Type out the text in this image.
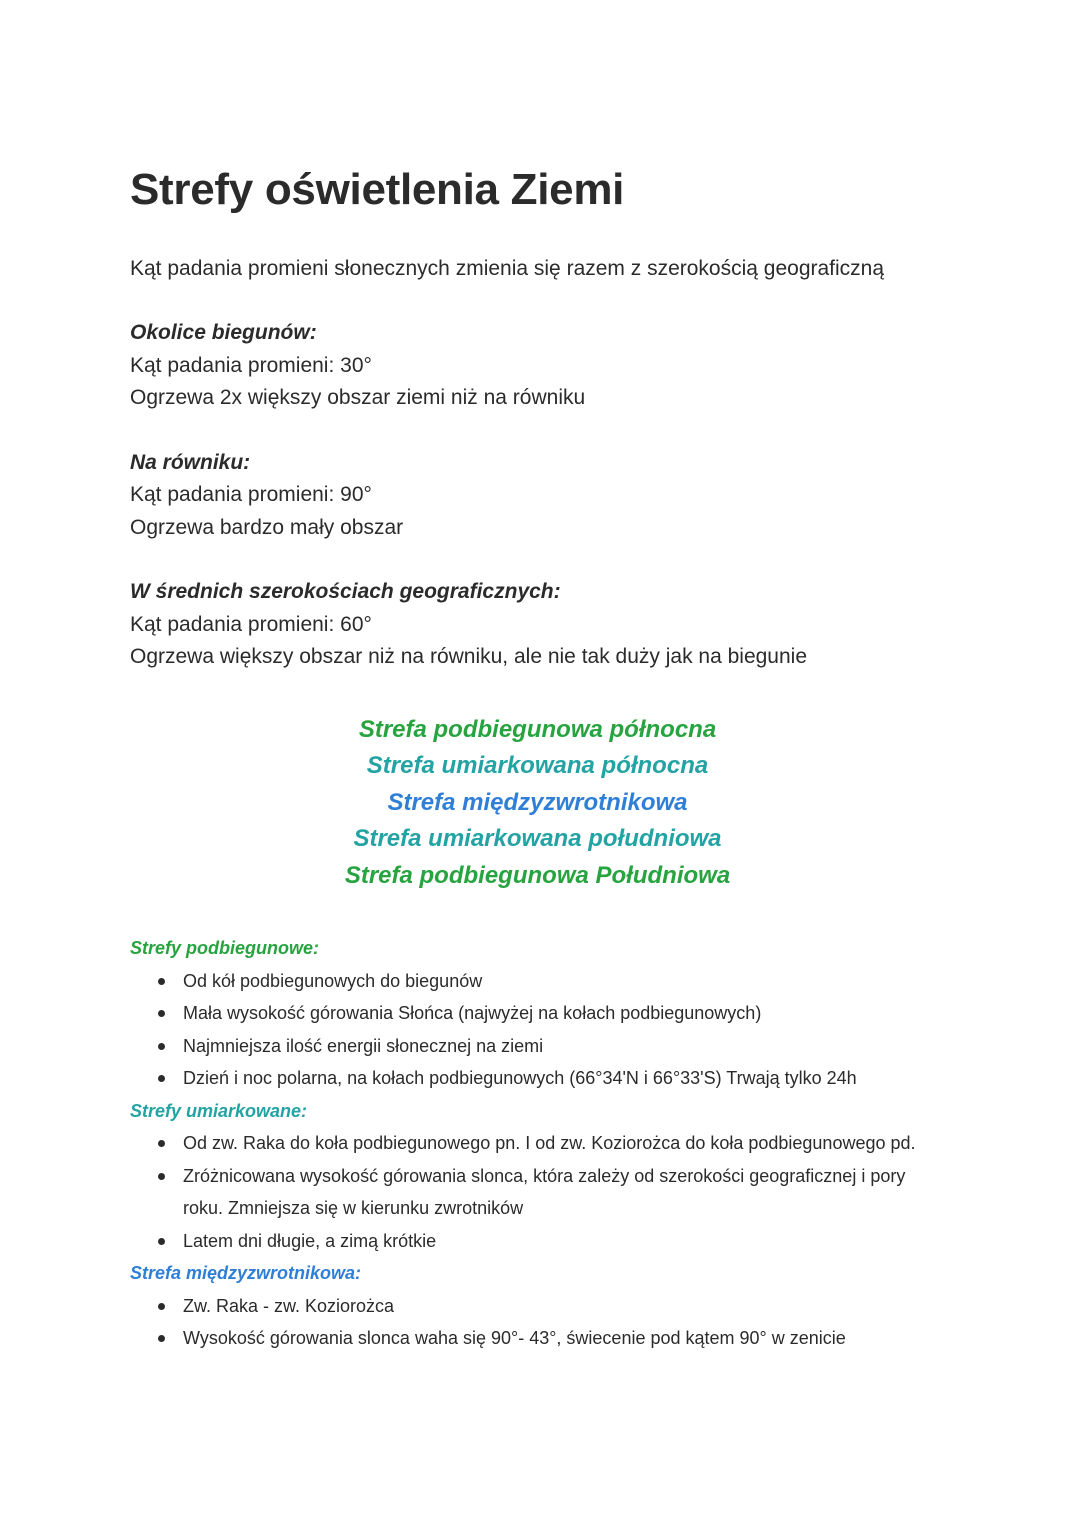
Strefy oświetlenia Ziemi
Kąt padania promieni słonecznych zmienia się razem z szerokością geograficzną
Okolice biegunów:
Kąt padania promieni: 30°
Ogrzewa 2x większy obszar ziemi niż na równiku
Na równiku:
Kąt padania promieni: 90°
Ogrzewa bardzo mały obszar
W średnich szerokościach geograficznych:
Kąt padania promieni: 60°
Ogrzewa większy obszar niż na równiku, ale nie tak duży jak na biegunie
Strefa podbiegunowa północna
Strefa umiarkowana północna
Strefa międzyzwrotnikowa
Strefa umiarkowana południowa
Strefa podbiegunowa Południowa
Strefy podbiegunowe:
Od kół podbiegunowych do biegunów
Mała wysokość górowania Słońca (najwyżej na kołach podbiegunowych)
Najmniejsza ilość energii słonecznej na ziemi
Dzień i noc polarna, na kołach podbiegunowych (66°34'N i 66°33'S) Trwają tylko 24h
Strefy umiarkowane:
Od zw. Raka do koła podbiegunowego pn. I od zw. Koziorożca do koła podbiegunowego pd.
Zróżnicowana wysokość górowania slonca, która zależy od szerokości geograficznej i pory roku. Zmniejsza się w kierunku zwrotników
Latem dni długie, a zimą krótkie
Strefa międzyzwrotnikowa:
Zw. Raka - zw. Koziorożca
Wysokość górowania slonca waha się 90°- 43°, świecenie pod kątem 90° w zenicie
